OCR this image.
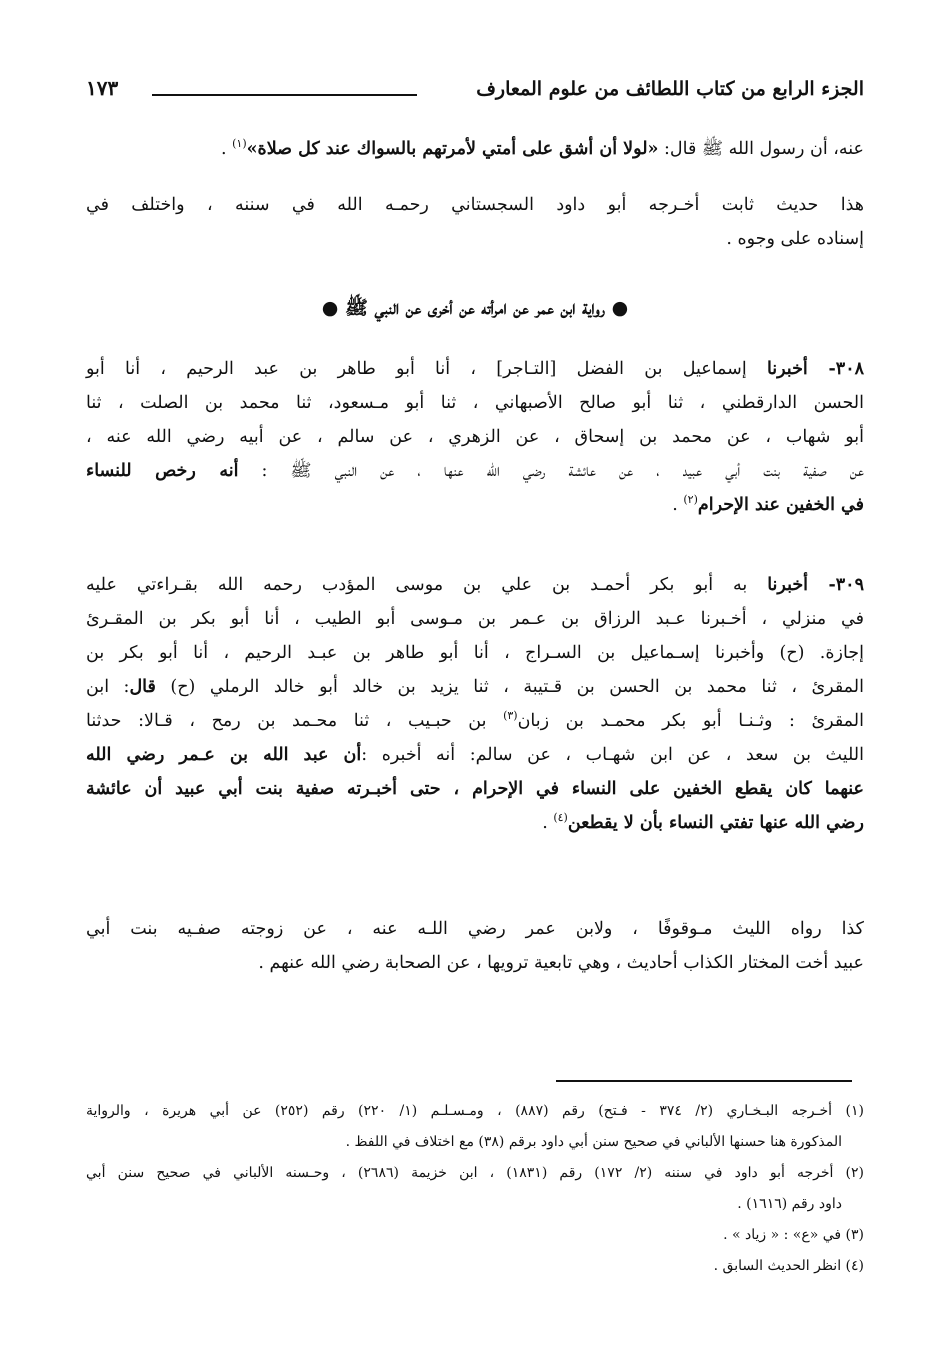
الجزء الرابع من كتاب اللطائف من علوم المعارف
١٧٣
عنه، أن رسول الله ﷺ قال: «لولا أن أشق على أمتي لأمرتهم بالسواك عند كل صلاة»$^{(١)}$ .
هذا حديث ثابت أخـرجه أبو داود السجستاني رحمـه الله في سننه ، واختلف في
إسناده على وجوه .
● رواية ابن عمر عن امرأته عن أخرى عن النبي ﷺ ●
٣٠٨- أخبرنا إسماعيل بن الفضل [التـاجر] ، أنا أبو طاهر بن عبد الرحيم ، أنا أبو
الحسن الدارقطني ، ثنا أبو صالح الأصبهاني ، ثنا أبو مـسعود، ثنا محمد بن الصلت ، ثنا
أبو شهاب ، عن محمد بن إسحاق ، عن الزهري ، عن سالم ، عن أبيه رضي الله عنه ،
عن صفية بنت أبي عبيد ، عن عائشة رضي الله عنها ، عن النبي ﷺ : أنه رخص للنساء
في الخفين عند الإحرام$^{(٢)}$ .
٣٠٩- أخبرنا به أبو بكر أحمـد بن علي بن موسى المؤدب رحمه الله بقـراءتي عليه
في منزلي ، أخـبرنا عـبد الرزاق بن عـمر بن مـوسى أبو الطيب ، أنا أبو بكر بن المقـرئ
إجازة. (ح) وأخبرنا إسـماعيل بن السـراج ، أنا أبو طاهر بن عبـد الرحيم ، أنا أبو بكر بن
المقرئ ، ثنا محمد بن الحسن بن قـتيبة ، ثنا يزيد بن خالد أبو خالد الرملي (ح) قال: ابن
المقرئ : وثـنـا أبو بكر محمـد بن زبان$^{(٣)}$ بن حبـيب ، ثنا محـمد بن رمح ، قـالا: حدثنا
الليث بن سعد ، عن ابن شهـاب ، عن سالم: أنه أخبره :أن عبد الله بن عـمر رضي الله
عنهما كان يقطع الخفين على النساء في الإحرام ، حتى أخبـرته صفية بنت أبي عبيد أن عائشة
رضي الله عنها تفتي النساء بأن لا يقطعن$^{(٤)}$ .
كذا رواه الليث مـوقوفًا ، ولابن عمر رضي اللـه عنه ، عن زوجته صفـيه بنت أبي
عبيد أخت المختار الكذاب أحاديث ، وهي تابعية ترويها ، عن الصحابة رضي الله عنهم .
(١) أخـرجه البـخـاري (٢/ ٣٧٤ - فـتح) رقم (٨٨٧) ، ومـسـلـم (١/ ٢٢٠) رقم (٢٥٢) عن أبي هريرة ، والرواية
المذكورة هنا حسنها الألباني في صحيح سنن أبي داود برقم (٣٨) مع اختلاف في اللفظ .
(٢) أخرجه أبو داود في سننه (٢/ ١٧٢) رقم (١٨٣١) ، ابن خزيمة (٢٦٨٦) ، وحـسنه الألباني في صحيح سنن أبي
داود رقم (١٦١٦) .
(٣) في «ع» : « زياد » .
(٤) انظر الحديث السابق .
